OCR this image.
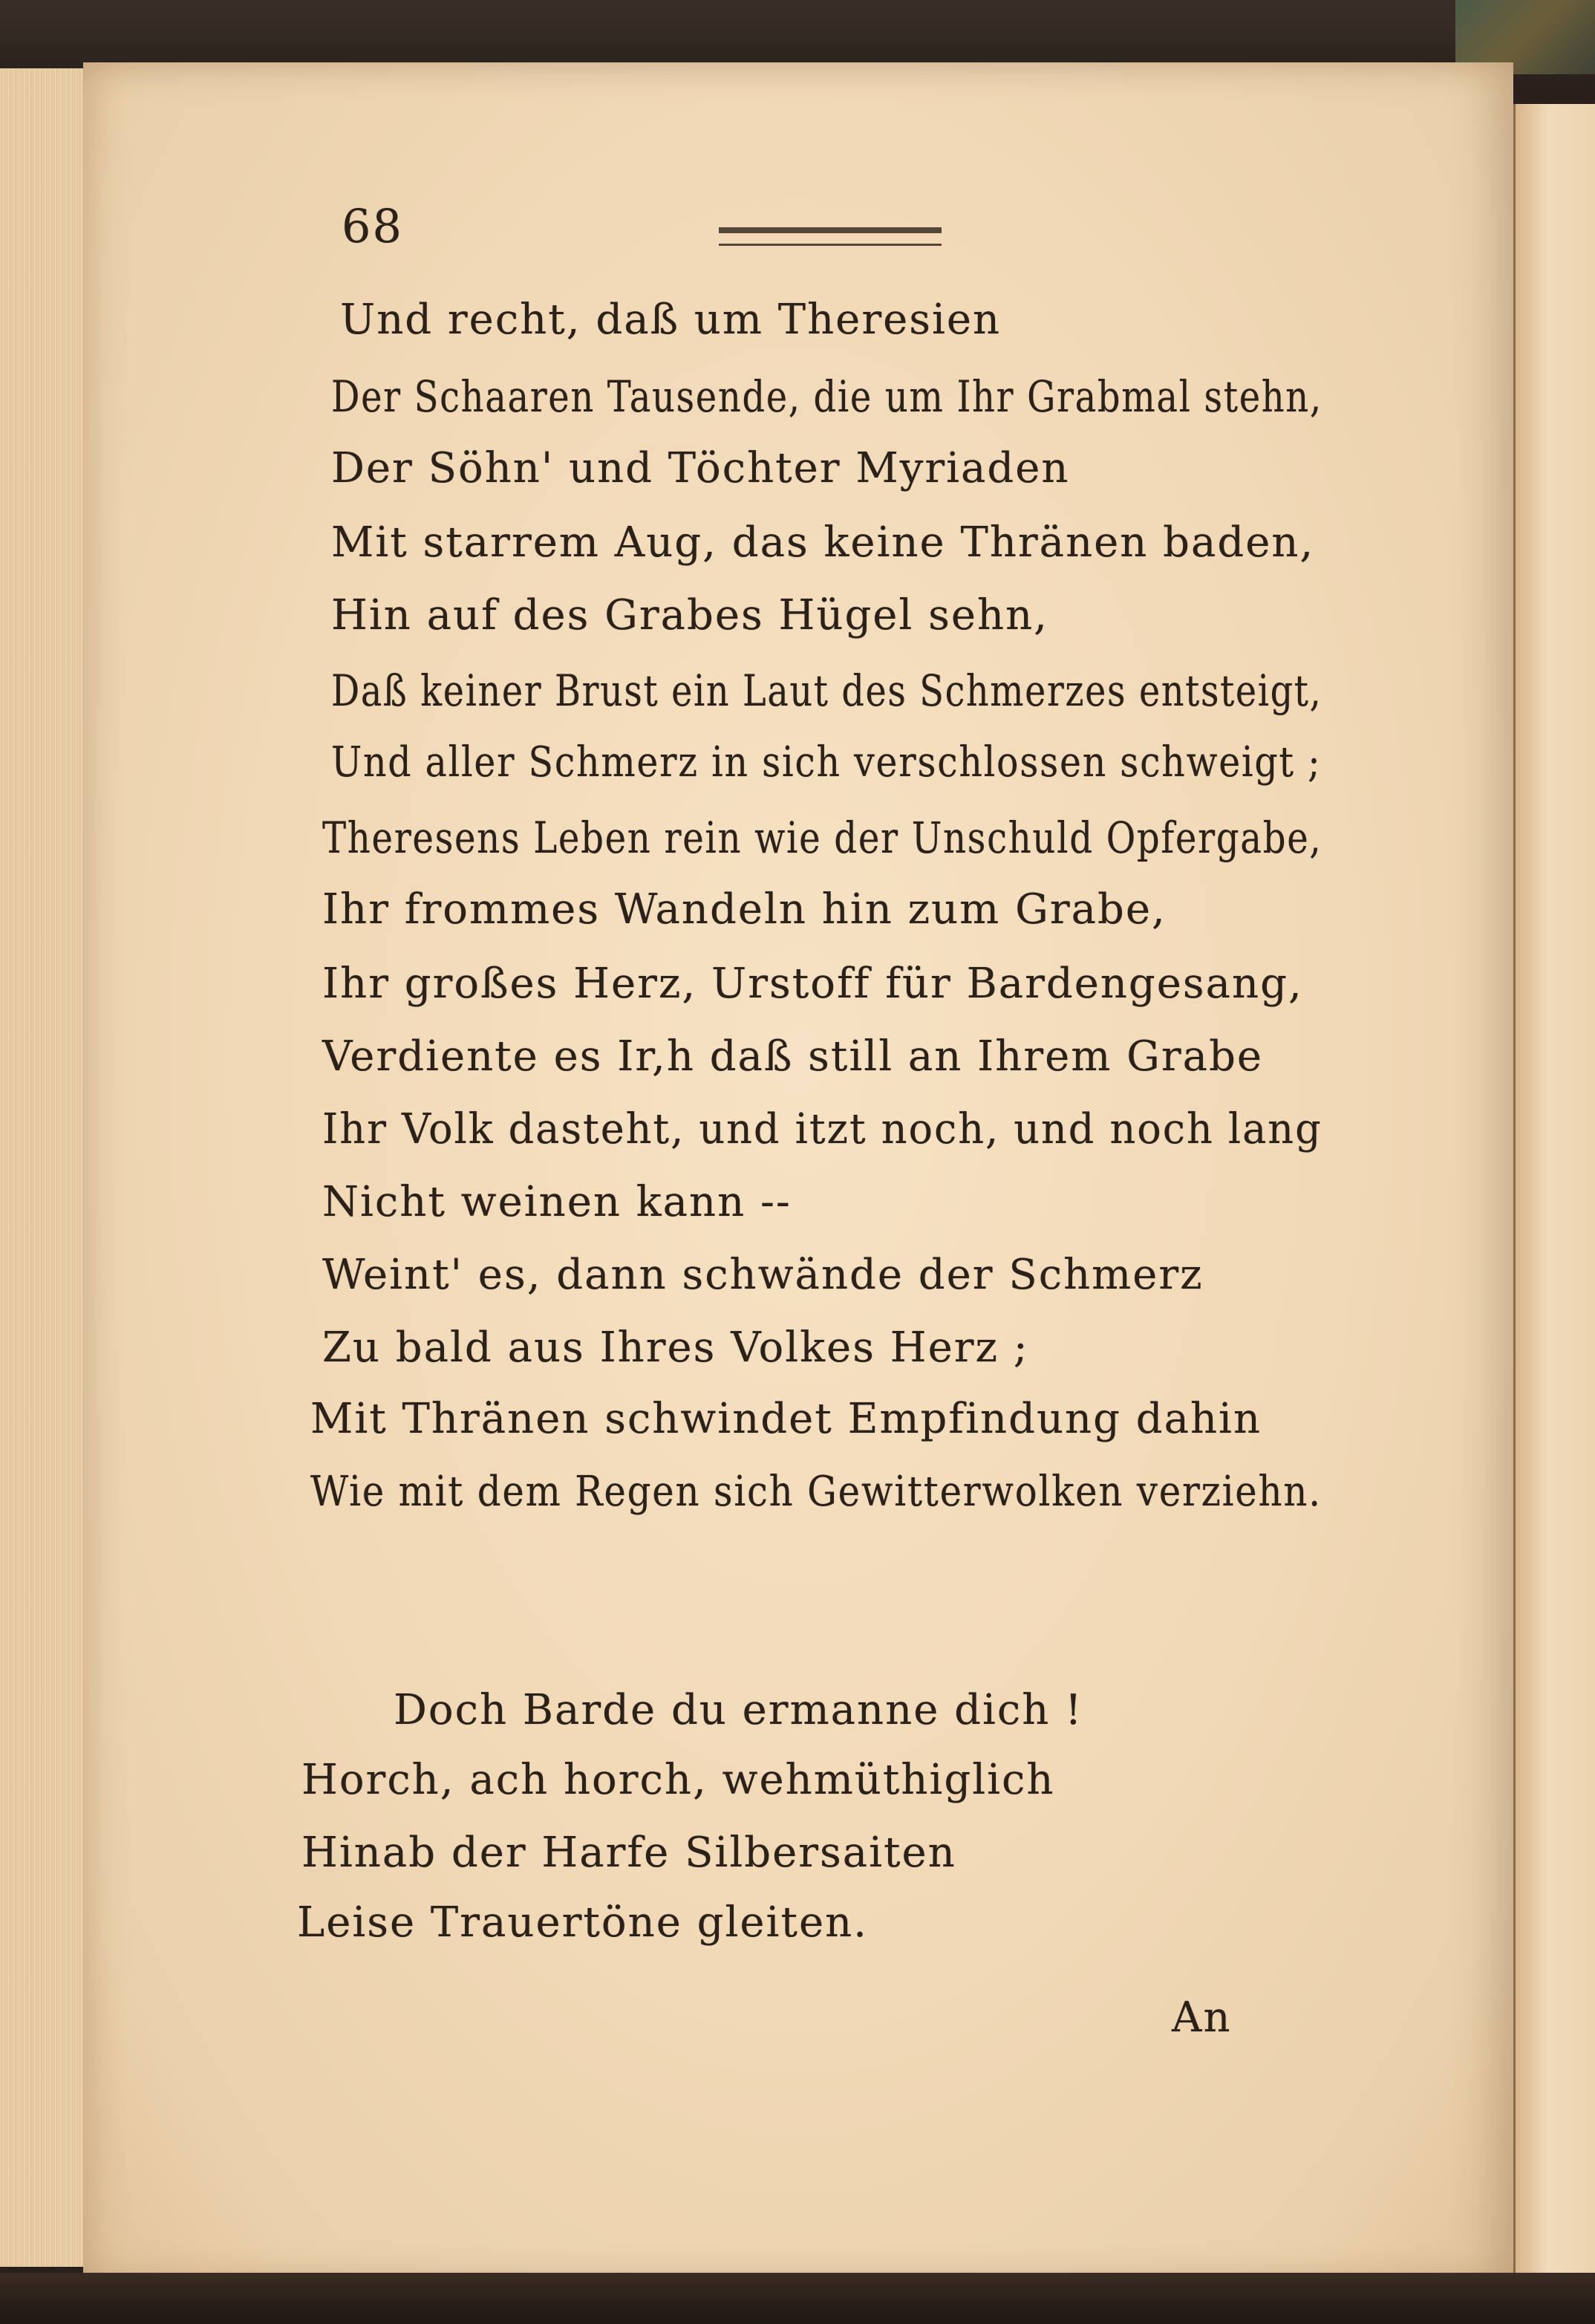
68
Und recht, daß um Theresien
Der Schaaren Tausende, die um Ihr Grabmal stehn,
Der Söhn' und Töchter Myriaden
Mit starrem Aug, das keine Thränen baden,
Hin auf des Grabes Hügel sehn,
Daß keiner Brust ein Laut des Schmerzes entsteigt,
Und aller Schmerz in sich verschlossen schweigt ;
Theresens Leben rein wie der Unschuld Opfergabe,
Ihr frommes Wandeln hin zum Grabe,
Ihr großes Herz, Urstoff für Bardengesang,
Verdiente es Ir,h daß still an Ihrem Grabe
Ihr Volk dasteht, und itzt noch, und noch lang
Nicht weinen kann --
Weint' es, dann schwände der Schmerz
Zu bald aus Ihres Volkes Herz ;
Mit Thränen schwindet Empfindung dahin
Wie mit dem Regen sich Gewitterwolken verziehn.
Doch Barde du ermanne dich !
Horch, ach horch, wehmüthiglich
Hinab der Harfe Silbersaiten
Leise Trauertöne gleiten.
An
